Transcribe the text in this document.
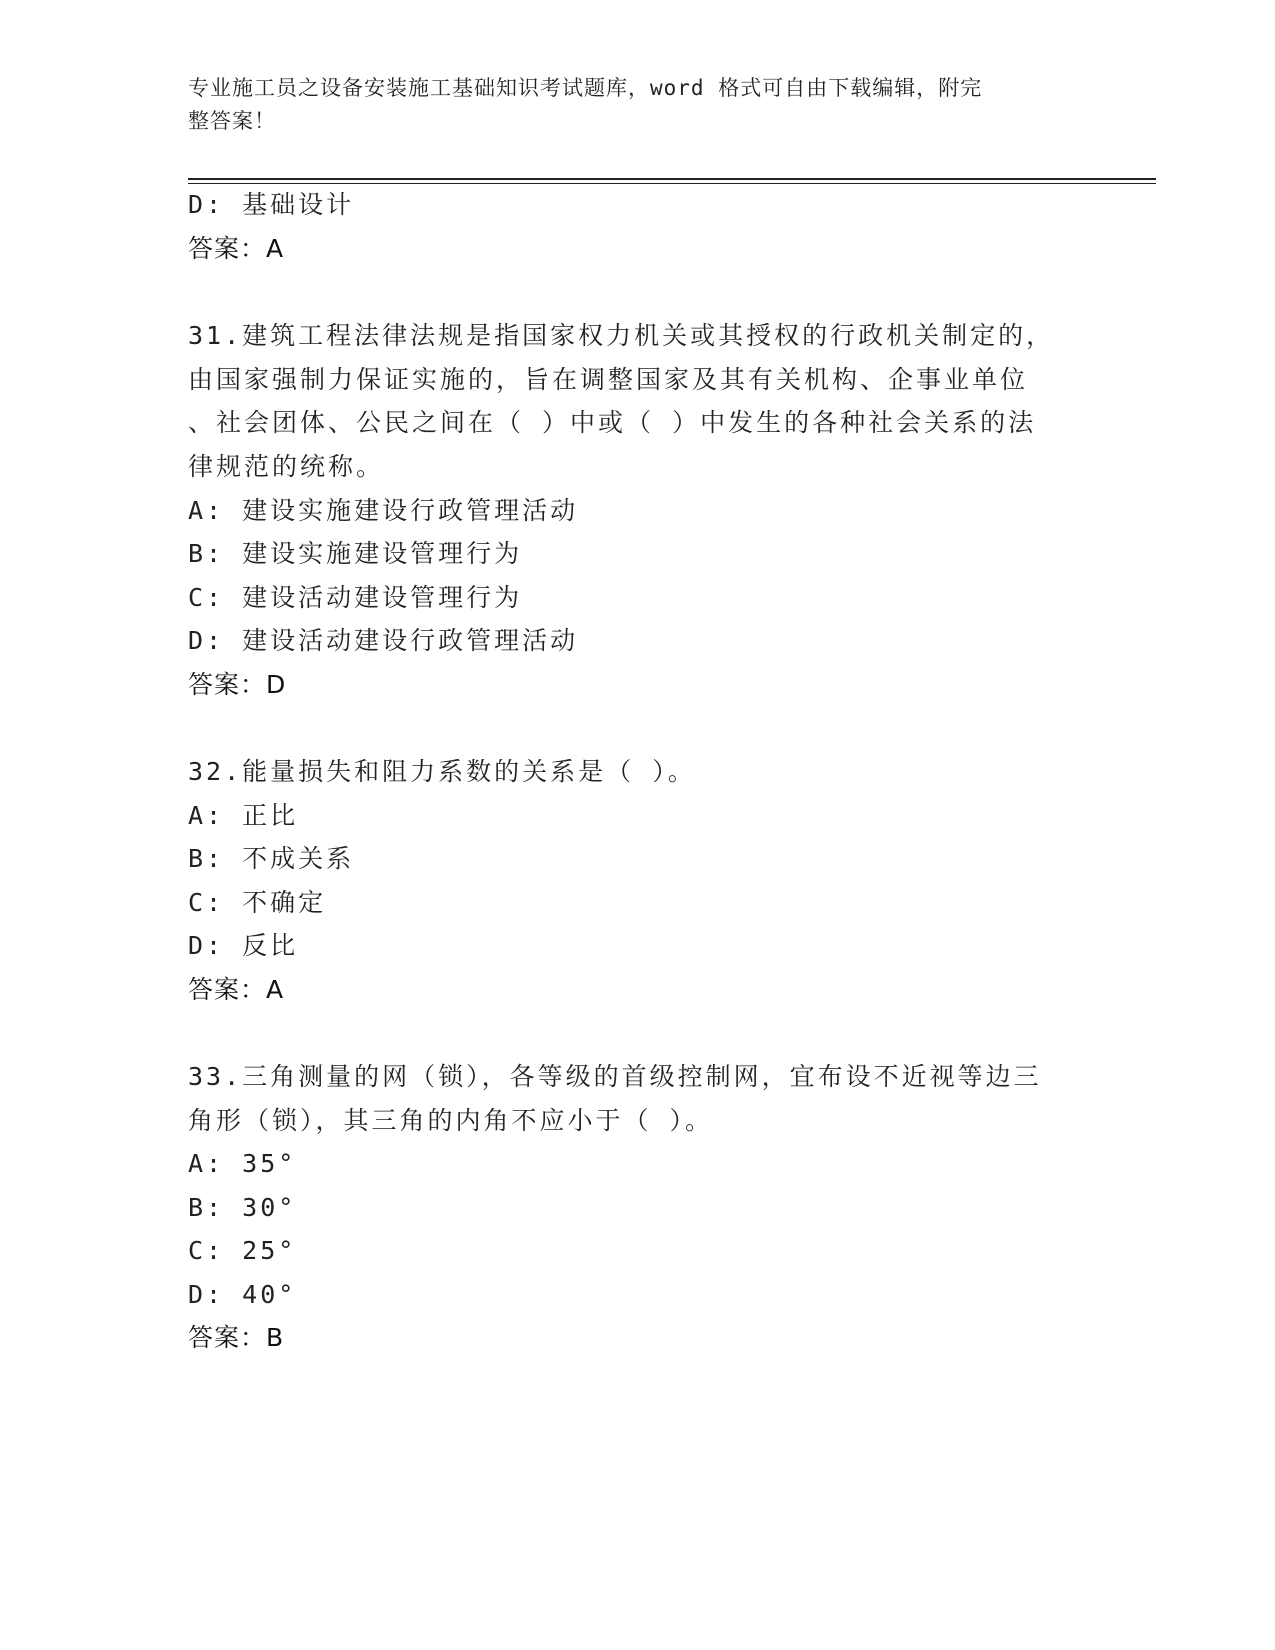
专业施工员之设备安装施工基础知识考试题库，word 格式可自由下载编辑，附完
整答案！
D: 基础设计
答案：A
31.建筑工程法律法规是指国家权力机关或其授权的行政机关制定的，
由国家强制力保证实施的，旨在调整国家及其有关机构、企事业单位
、社会团体、公民之间在（ ）中或（ ）中发生的各种社会关系的法
律规范的统称。
A: 建设实施建设行政管理活动
B: 建设实施建设管理行为
C: 建设活动建设管理行为
D: 建设活动建设行政管理活动
答案：D
32.能量损失和阻力系数的关系是（ ）。
A: 正比
B: 不成关系
C: 不确定
D: 反比
答案：A
33.三角测量的网（锁），各等级的首级控制网，宜布设不近视等边三
角形（锁），其三角的内角不应小于（ ）。
A: 35°
B: 30°
C: 25°
D: 40°
答案：B
